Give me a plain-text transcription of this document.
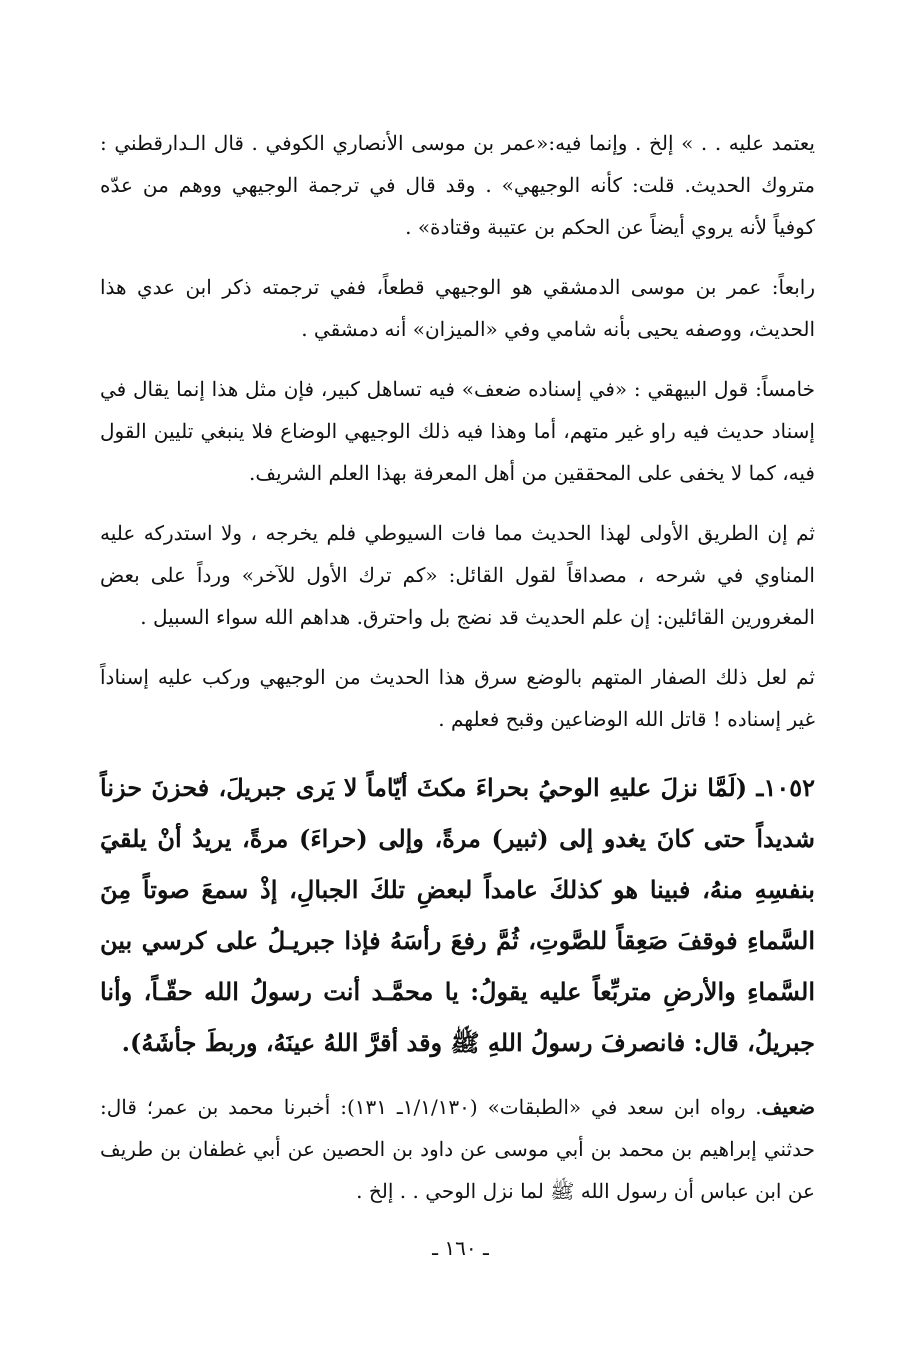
يعتمد عليه . . » إلخ . وإنما فيه:«عمر بن موسى الأنصاري الكوفي . قال الـدارقطني : متروك الحديث. قلت: كأنه الوجيهي» . وقد قال في ترجمة الوجيهي ووهم من عدّه كوفياً لأنه يروي أيضاً عن الحكم بن عتيبة وقتادة» .

رابعاً: عمر بن موسى الدمشقي هو الوجيهي قطعاً، ففي ترجمته ذكر ابن عدي هذا الحديث، ووصفه يحيى بأنه شامي وفي «الميزان» أنه دمشقي .

خامساً: قول البيهقي : «في إسناده ضعف» فيه تساهل كبير، فإن مثل هذا إنما يقال في إسناد حديث فيه راو غير متهم، أما وهذا فيه ذلك الوجيهي الوضاع فلا ينبغي تليين القول فيه، كما لا يخفى على المحققين من أهل المعرفة بهذا العلم الشريف.

ثم إن الطريق الأولى لهذا الحديث مما فات السيوطي فلم يخرجه ، ولا استدركه عليه المناوي في شرحه ، مصداقاً لقول القائل: «كم ترك الأول للآخر» ورداً على بعض المغرورين القائلين: إن علم الحديث قد نضج بل واحترق. هداهم الله سواء السبيل .

ثم لعل ذلك الصفار المتهم بالوضع سرق هذا الحديث من الوجيهي وركب عليه إسناداً غير إسناده ! قاتل الله الوضاعين وقبح فعلهم .

١٠٥٢ـ (لَمَّا نزلَ عليهِ الوحيُ بحراءَ مكثَ أيّاماً لا يَرى جبريلَ، فحزنَ حزناً شديداً حتى كانَ يغدو إلى (ثبير) مرةً، وإلى (حراءَ) مرةً، يريدُ أنْ يلقيَ بنفسِهِ منهُ، فبينا هو كذلكَ عامداً لبعضِ تلكَ الجبالِ، إذْ سمعَ صوتاً مِنَ السَّماءِ فوقفَ صَعِقاً للصَّوتِ، ثُمَّ رفعَ رأسَهُ فإذا جبريـلُ على كرسي بين السَّماءِ والأرضِ متربِّعاً عليه يقولُ: يا محمَّـد أنت رسولُ الله حقّـاً، وأنا جبريلُ، قال: فانصرفَ رسولُ اللهِ ﷺ وقد أقرَّ اللهُ عينَهُ، وربطَ جأشَهُ).

ضعيف. رواه ابن سعد في «الطبقات» (١/١/١٣٠ـ ١٣١): أخبرنا محمد بن عمر؛ قال: حدثني إبراهيم بن محمد بن أبي موسى عن داود بن الحصين عن أبي غطفان بن طريف عن ابن عباس أن رسول الله ﷺ لما نزل الوحي . . إلخ .

ـ ١٦٠ ـ
